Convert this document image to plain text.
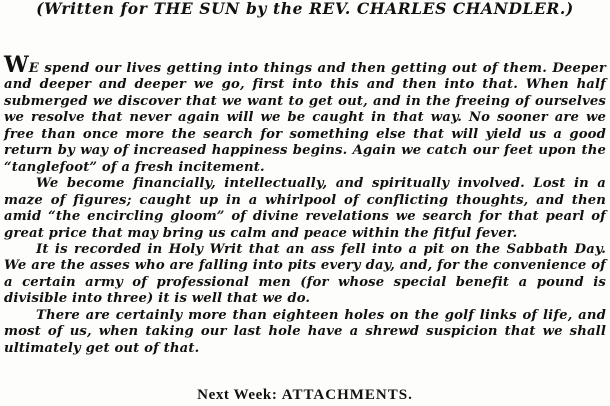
(Written for THE SUN by the REV. CHARLES CHANDLER.)

WE spend our lives getting into things and then getting out of them. Deeper and deeper and deeper we go, first into this and then into that. When half submerged we discover that we want to get out, and in the freeing of ourselves we resolve that never again will we be caught in that way. No sooner are we free than once more the search for something else that will yield us a good return by way of increased happiness begins. Again we catch our feet upon the “tanglefoot” of a fresh incitement.

We become financially, intellectually, and spiritually involved. Lost in a maze of figures; caught up in a whirlpool of conflicting thoughts, and then amid “the encircling gloom” of divine revelations we search for that pearl of great price that may bring us calm and peace within the fitful fever.

It is recorded in Holy Writ that an ass fell into a pit on the Sabbath Day. We are the asses who are falling into pits every day, and, for the convenience of a certain army of professional men (for whose special benefit a pound is divisible into three) it is well that we do.

There are certainly more than eighteen holes on the golf links of life, and most of us, when taking our last hole have a shrewd suspicion that we shall ultimately get out of that.

Next Week: ATTACHMENTS.
